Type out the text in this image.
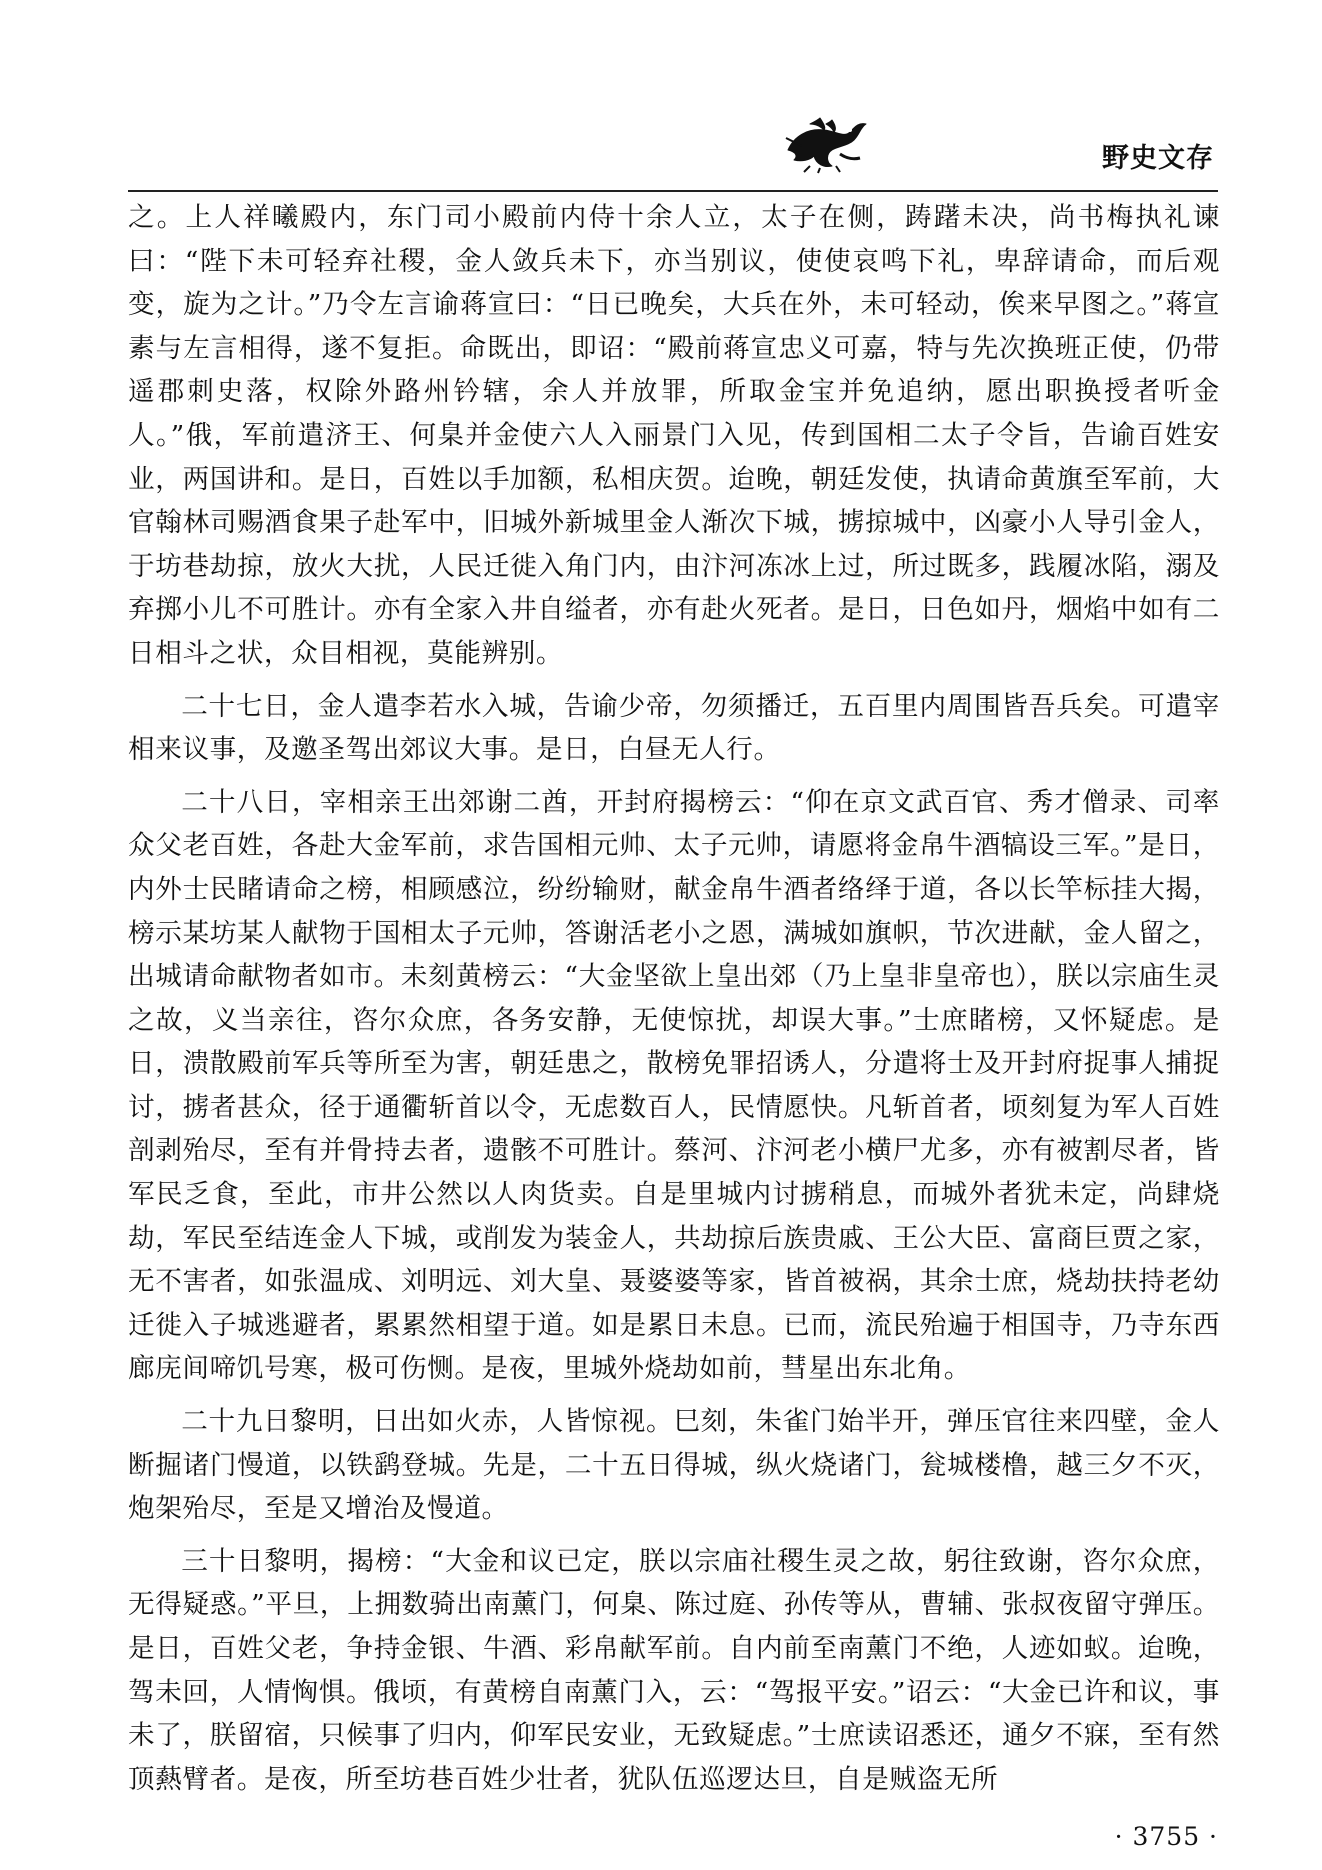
野史文存

之。上人祥曦殿内，东门司小殿前内侍十余人立，太子在侧，踌躇未决，尚书梅执礼谏曰：“陛下未可轻弃社稷，金人敛兵未下，亦当别议，使使哀鸣下礼，卑辞请命，而后观变，旋为之计。”乃令左言谕蒋宣曰：“日已晚矣，大兵在外，未可轻动，俟来早图之。”蒋宣素与左言相得，遂不复拒。命既出，即诏：“殿前蒋宣忠义可嘉，特与先次换班正使，仍带遥郡刺史落，权除外路州钤辖，余人并放罪，所取金宝并免追纳，愿出职换授者听金人。”俄，军前遣济王、何臬并金使六人入丽景门入见，传到国相二太子令旨，告谕百姓安业，两国讲和。是日，百姓以手加额，私相庆贺。迨晚，朝廷发使，执请命黄旗至军前，大官翰林司赐酒食果子赴军中，旧城外新城里金人渐次下城，掳掠城中，凶豪小人导引金人，于坊巷劫掠，放火大扰，人民迁徙入角门内，由汴河冻冰上过，所过既多，践履冰陷，溺及弃掷小儿不可胜计。亦有全家入井自缢者，亦有赴火死者。是日，日色如丹，烟焰中如有二日相斗之状，众目相视，莫能辨别。

二十七日，金人遣李若水入城，告谕少帝，勿须播迁，五百里内周围皆吾兵矣。可遣宰相来议事，及邀圣驾出郊议大事。是日，白昼无人行。

二十八日，宰相亲王出郊谢二酋，开封府揭榜云：“仰在京文武百官、秀才僧录、司率众父老百姓，各赴大金军前，求告国相元帅、太子元帅，请愿将金帛牛酒犒设三军。”是日，内外士民睹请命之榜，相顾感泣，纷纷输财，献金帛牛酒者络绎于道，各以长竿标挂大揭，榜示某坊某人献物于国相太子元帅，答谢活老小之恩，满城如旗帜，节次进献，金人留之，出城请命献物者如市。未刻黄榜云：“大金坚欲上皇出郊（乃上皇非皇帝也），朕以宗庙生灵之故，义当亲往，咨尔众庶，各务安静，无使惊扰，却误大事。”士庶睹榜，又怀疑虑。是日，溃散殿前军兵等所至为害，朝廷患之，散榜免罪招诱人，分遣将士及开封府捉事人捕捉讨，掳者甚众，径于通衢斩首以令，无虑数百人，民情愿快。凡斩首者，顷刻复为军人百姓剖剥殆尽，至有并骨持去者，遗骸不可胜计。蔡河、汴河老小横尸尤多，亦有被割尽者，皆军民乏食，至此，市井公然以人肉货卖。自是里城内讨掳稍息，而城外者犹未定，尚肆烧劫，军民至结连金人下城，或削发为装金人，共劫掠后族贵戚、王公大臣、富商巨贾之家，无不害者，如张温成、刘明远、刘大皇、聂婆婆等家，皆首被祸，其余士庶，烧劫扶持老幼迁徙入子城逃避者，累累然相望于道。如是累日未息。已而，流民殆遍于相国寺，乃寺东西廊庑间啼饥号寒，极可伤恻。是夜，里城外烧劫如前，彗星出东北角。

二十九日黎明，日出如火赤，人皆惊视。巳刻，朱雀门始半开，弹压官往来四壁，金人断掘诸门慢道，以铁鹞登城。先是，二十五日得城，纵火烧诸门，瓮城楼橹，越三夕不灭，炮架殆尽，至是又增治及慢道。

三十日黎明，揭榜：“大金和议已定，朕以宗庙社稷生灵之故，躬往致谢，咨尔众庶，无得疑惑。”平旦，上拥数骑出南薰门，何臬、陈过庭、孙传等从，曹辅、张叔夜留守弹压。是日，百姓父老，争持金银、牛酒、彩帛献军前。自内前至南薰门不绝，人迹如蚁。迨晚，驾未回，人情恟惧。俄顷，有黄榜自南薰门入，云：“驾报平安。”诏云：“大金已许和议，事未了，朕留宿，只候事了归内，仰军民安业，无致疑虑。”士庶读诏悉还，通夕不寐，至有然顶爇臂者。是夜，所至坊巷百姓少壮者，犹队伍巡逻达旦，自是贼盗无所

· 3755 ·
